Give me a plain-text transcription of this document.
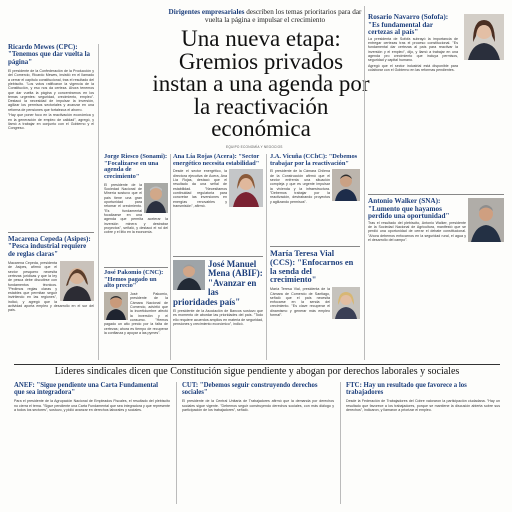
Ricardo Mewes (CPC): "Tenemos que dar vuelta la página"

El presidente de la Confederación de la Producción y del Comercio, Ricardo Mewes, insistió en el llamado a cerrar el capítulo constitucional, tras el resultado del plebiscito. "Los votos ratificaron la vigencia de la Constitución, y eso nos da certeza. Ahora tenemos que dar vuelta la página y concentrarnos en los temas urgentes: seguridad, crecimiento, empleo". Destacó la necesidad de impulsar la inversión, agilizar los permisos sectoriales y avanzar en una reforma de pensiones que fortalezca el ahorro.

"Hay que poner foco en la reactivación económica y en la generación de empleo de calidad", agregó, y llamó a trabajar en conjunto con el Gobierno y el Congreso.

Macarena Cepeda (Asipes): "Pesca industrial requiere de reglas claras"

Macarena Cepeda, presidenta de Asipes, afirmó que el sector pesquero necesita certezas jurídicas y que la ley de pesca debe discutirse con fundamentos técnicos. "Pedimos reglas claras y estables que permitan seguir invirtiendo en las regiones", indicó, y agregó que la actividad aporta empleo y desarrollo en el sur del país.

Dirigentes empresariales describen los temas prioritarios para dar vuelta la página e impulsar el crecimiento
Una nueva etapa: Gremios privados instan a una agenda por la reactivación económica
EQUIPO ECONOMÍA Y NEGOCIOS
Jorge Riesco (Sonami): "Focalizarse en una agenda de crecimiento"

El presidente de la Sociedad Nacional de Minería sostuvo que el país tiene una gran oportunidad para retomar el crecimiento. "Es fundamental focalizarse en una agenda que permita acelerar la inversión minera y destrabar proyectos", señaló, y destacó el rol del cobre y el litio en la economía.

José Pakomio (CNC): "Hemos pagado un alto precio"

José Pakomio, presidente de la Cámara Nacional de Comercio, advirtió que la incertidumbre afectó la inversión y el consumo. "Hemos pagado un alto precio por la falta de certezas; ahora es tiempo de recuperar la confianza y apoyar a las pymes".

Ana Lía Rojas (Acera): "Sector energético necesita estabilidad"

Desde el sector energético, la directora ejecutiva de Acera, Ana Lía Rojas, destacó que el resultado da una señal de estabilidad. "Necesitamos continuidad regulatoria para concretar las inversiones en energías renovables y transmisión", afirmó.

José Manuel Mena (ABIF): "Avanzar en las prioridades país"

El presidente de la Asociación de Bancos sostuvo que es momento de abordar las prioridades del país. "Todo ello requiere acuerdos amplios en materia de seguridad, pensiones y crecimiento económico", indicó.

J.A. Vicuña (CChC): "Debemos trabajar por la reactivación"

El presidente de la Cámara Chilena de la Construcción afirmó que el sector enfrenta una situación compleja y que es urgente impulsar la vivienda y la infraestructura. "Debemos trabajar por la reactivación, destrabando proyectos y agilizando permisos".

María Teresa Vial (CCS): "Enfocarnos en la senda del crecimiento"

María Teresa Vial, presidenta de la Cámara de Comercio de Santiago, señaló que el país necesita enfocarse en la senda del crecimiento. "Es clave recuperar el dinamismo y generar más empleo formal".

Rosario Navarro (Sofofa): "Es fundamental dar certezas al país"

La presidenta de Sofofa subrayó la importancia de entregar certezas tras el proceso constitucional. "Es fundamental dar certezas al país para reactivar la inversión y el empleo", dijo, y llamó a trabajar en una agenda pro crecimiento que incluya permisos, seguridad y capital humano.

Agregó que el sector industrial está disponible para colaborar con el Gobierno en las reformas pendientes.

Antonio Walker (SNA): "Lumento que hayamos perdido una oportunidad"

Tras el resultado del plebiscito, Antonio Walker, presidente de la Sociedad Nacional de Agricultura, manifestó que se perdió una oportunidad de cerrar el debate constitucional. "Ahora debemos enfocarnos en la seguridad rural, el agua y el desarrollo del campo".

Líderes sindicales dicen que Constitución sigue pendiente y abogan por derechos laborales y sociales
ANEF: "Sigue pendiente una Carta Fundamental que sea integradora"

Para el presidente de la Agrupación Nacional de Empleados Fiscales, el resultado del plebiscito no cierra el tema. "Sigue pendiente una Carta Fundamental que sea integradora y que represente a todos los sectores", sostuvo, y pidió avanzar en derechos laborales y sociales.

CUT: "Debemos seguir construyendo derechos sociales"

El presidente de la Central Unitaria de Trabajadores afirmó que la demanda por derechos sociales sigue vigente. "Debemos seguir construyendo derechos sociales, con más diálogo y participación de los trabajadores", señaló.

FTC: Hay un resultado que favorece a los trabajadores

Desde la Federación de Trabajadores del Cobre valoraron la participación ciudadana. "Hay un resultado que favorece a los trabajadores, porque se mantiene la discusión abierta sobre sus derechos", indicaron, y llamaron a priorizar el empleo.
